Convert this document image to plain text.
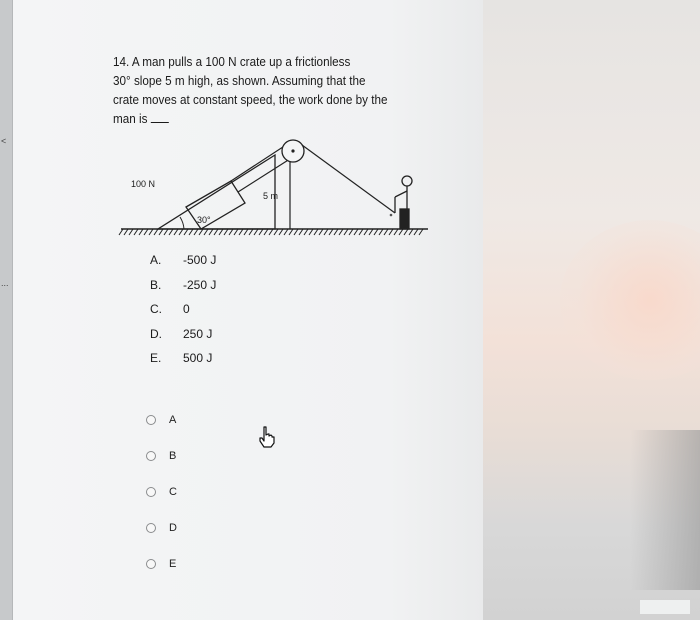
<
...

14. A man pulls a 100 N crate up a frictionless
30° slope 5 m high, as shown. Assuming that the
crate moves at constant speed, the work done by the
man is

100 N
5 m
30°
A.	-500 J
B.	-250 J
C.	0
D.	250 J
E.	500 J
A
B
C
D
E
